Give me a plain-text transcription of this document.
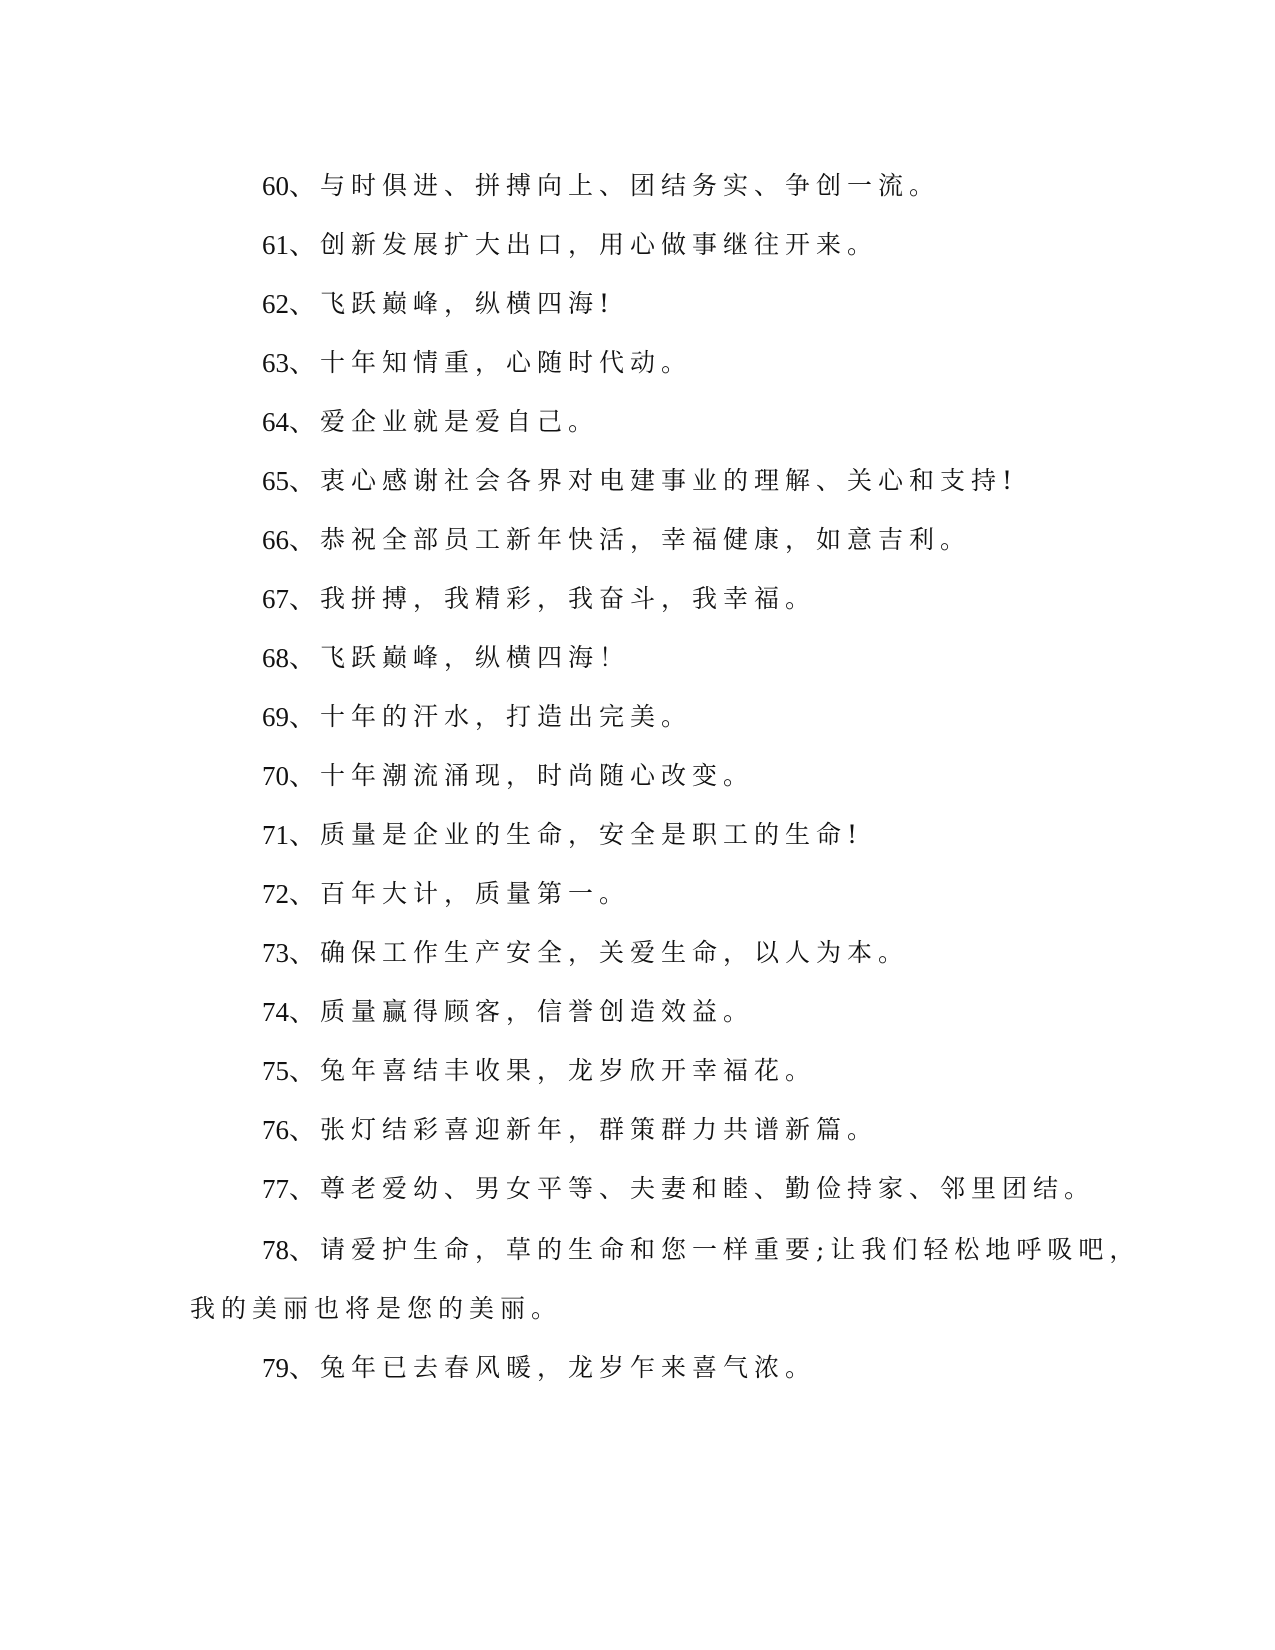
60、 与时俱进、拼搏向上、团结务实、争创一流。

61、 创新发展扩大出口，用心做事继往开来。

62、 飞跃巅峰，纵横四海!

63、 十年知情重，心随时代动。

64、 爱企业就是爱自己。

65、 衷心感谢社会各界对电建事业的理解、关心和支持!

66、 恭祝全部员工新年快活，幸福健康，如意吉利。

67、 我拼搏，我精彩，我奋斗，我幸福。

68、 飞跃巅峰，纵横四海！

69、 十年的汗水，打造出完美。

70、 十年潮流涌现，时尚随心改变。

71、 质量是企业的生命，安全是职工的生命!

72、 百年大计，质量第一。

73、 确保工作生产安全，关爱生命，以人为本。

74、 质量赢得顾客，信誉创造效益。

75、 兔年喜结丰收果，龙岁欣开幸福花。

76、 张灯结彩喜迎新年，群策群力共谱新篇。

77、 尊老爱幼、男女平等、夫妻和睦、勤俭持家、邻里团结。

78、 请爱护生命，草的生命和您一样重要;让我们轻松地呼吸吧，

我的美丽也将是您的美丽。

79、 兔年已去春风暖，龙岁乍来喜气浓。
